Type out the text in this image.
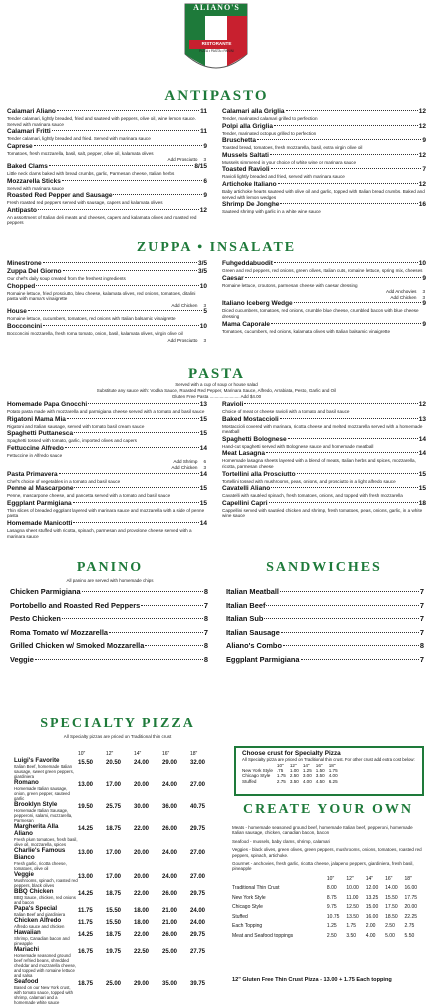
ALIANO'S
RISTORANTE
PIZZA • PASTA • PANINI
ANTIPASTO
Calamari Aliano	11
Tender calamari, lightly breaded, fried and sauteed with peppers, olive oil, wine lemon sauce. Served with marinara sauce
Calamari Fritti	11
Tender calamari, lightly breaded and fried. Served with marinara sauce
Caprese	9
Tomatoes, fresh mozzarella, basil, salt, pepper, olive oil, kalamata olives
Add Prosciutto 3
Baked Clams	8/15
Little neck clams baked with bread crumbs, garlic, Parmesan cheese, Italian herbs
Mozzarella Sticks	6
Served with marinara sauce
Roasted Red Pepper and Sausage	9
Fresh roasted red peppers served with sausage, capers and kalamata olives
Antipasto	12
An assortment of Italian deli meats and cheeses, capers and kalamata olives and roasted red peppers
Calamari alla Griglia	12
Tender, marinated calamari grilled to perfection
Polpi alla Griglia	12
Tender, marinated octopus grilled to perfection
Bruschetta	9
Toasted bread, tomatoes, fresh mozzarella, basil, extra virgin olive oil
Mussels Saltati	12
Mussels simmered in your choice of white wine or marinara sauce
Toasted Ravioli	7
Ravioli lightly breaded and fried, served with marinara sauce
Artichoke Italiano	12
Baby artichoke hearts sauteed with olive oil and garlic, topped with Italian bread crumbs. Baked and served with lemon wedges
Shrimp De Jonghe	16
Sauteed shrimp with garlic in a white wine sauce
ZUPPA • INSALATE
Minestrone	3/5
Zuppa Del Giorno	3/5
Our chef's daily soup created from the freshest ingredients
Chopped	10
Romaine lettuce, fried prosciutto, bleu cheese, kalamata olives, red onions, tomatoes, ditalini pasta with mama's vinaigrette
Add Chicken 3
House	5
Romaine lettuce, cucumbers, tomatoes, red onions with Italian balsamic vinaigrette
Bocconcini	10
Bocconcini mozzarella, fresh roma tomato, onion, basil, kalamata olives, virgin olive oil
Add Prosciutto 3
Fuhgeddabuodit	10
Green and red peppers, red onions, green olives, Italian cuts, romaine lettuce, spring mix, cheeses
Caesar	9
Romaine lettuce, croutons, parmesan cheese with caesar dressing
Add Anchovies 3
Add Chicken 3
Italiano Iceberg Wedge	9
Diced cucumbers, tomatoes, red onions, crumble blue cheese, crumbled bacon with blue cheese dressing
Mama Caporale	9
Tomatoes, cucumbers, red onions, kalamata olives with Italian balsamic vinaigrette
PASTA
Served with a cup of soup or house salad
Substitute any sauce with: Vodka Sauce, Roasted Red Pepper, Marinara Sauce, Alfredo, Arrabiata, Pesto, Garlic and Oil
Gluten Free Pasta ........................ Add $4.00
Homemade Papa Gnocchi	13
Potato pasta made with mozzarella and parmigiana cheese served with a tomato and basil sauce
Rigatoni Mama Mia	15
Rigatoni and Italian sausage, served with tomato basil cream sauce
Spaghetti Puttanesca	15
Spaghetti tossed with tomato, garlic, imported olives and capers
Fettuccine Alfredo	14
Fettuccine in Alfredo sauce
Add Shrimp 6
Add Chicken 3
Pasta Primavera	14
Chef's choice of vegetables in a tomato and basil sauce
Penne al Mascarpone	15
Penne, mascarpone cheese, and pancetta served with a tomato and basil sauce
Eggplant Parmigiana	15
Thin slices of breaded eggplant layered with marinara sauce and mozzarella with a side of penne pasta
Homemade Manicotti	14
Lasagna sheet stuffed with ricotta, spinach, parmesan and provolone cheese served with a marinara sauce
Ravioli	12
Choice of meat or cheese ravioli with a tomato and basil sauce
Baked Mostaccioli	13
Mostaccioli covered with marinara, ricotta cheese and melted mozzarella served with a homemade meatball
Spaghetti Bolognese	14
Hand-cut spaghetti served with Bolognese sauce and homemade meatball
Meat Lasagna	14
Homemade lasagna sheets layered with a blend of meats, Italian herbs and spices, mozzarella, ricotta, parmesan cheese
Tortellini alla Prosciutto	15
Tortellini tossed with mushrooms, peas, onions, and prosciutto in a light alfredo sauce
Cavatelli Aliano	15
Cavatelli with sautéed spinach, fresh tomatoes, onions, and topped with fresh mozzarella
Capellini Capri	18
Cappellini served with sautéed chicken and shrimp, fresh tomatoes, peas, onions, garlic, in a white wine sauce
PANINO
All panino are served with homemade chips
Chicken Parmigiana	8
Portobello and Roasted Red Peppers	7
Pesto Chicken	8
Roma Tomato w/ Mozzarella	7
Grilled Chicken w/ Smoked Mozzarella	8
Veggie	8
SANDWICHES
Italian Meatball	7
Italian Beef	7
Italian Sub	7
Italian Sausage	7
Aliano's Combo	8
Eggplant Parmigiana	7
SPECIALTY PIZZA
All Specialty pizzas are priced on Traditional thin crust
	10"	12"	14"	16"	18"

Luigi's Favorite
Italian Beef, homemade Italian sausage, sweet green peppers, giardiniera	15.50	20.50	24.00	29.00	32.00

Romano
Homemade Italian sausage, onion, green pepper, sauteed garlic	13.00	17.00	20.00	24.00	27.00

Brooklyn Style
Homemade Italian Sausage, pepperoni, salami, mozzarella, Parmesan	19.50	25.75	30.00	36.00	40.75

Margherita Alla Aliano
Fresh plum tomatoes, fresh basil, olive oil, mozzarella, spices	14.25	18.75	22.00	26.00	29.75

Charlie's Famous Bianco
Fresh garlic, ricotta cheese, tomatoes, olive oil	13.00	17.00	20.00	24.00	27.00

Veggie
Mushrooms, spinach, roasted red peppers, black olives	13.00	17.00	20.00	24.00	27.00

BBQ Chicken
BBQ Sauce, chicken, red onions and bacon	14.25	18.75	22.00	26.00	29.75

Papa's Special
Italian Beef and giardiniera	11.75	15.50	18.00	21.00	24.00

Chicken Alfredo
Alfredo sauce and chicken	11.75	15.50	18.00	21.00	24.00

Hawaiian
Shrimp, Canadian bacon and pineapple	14.25	18.75	22.00	26.00	29.75

Mariachi
Homemade seasoned ground beef refried beans, shredded cheddar and mozzarella cheese, and topped with romaine lettuce and salsa	16.75	19.75	22.50	25.00	27.75

Seafood
Based on our New York crust, with tomato sauce, topped with shrimp, calamari and a homemade white sauce	18.75	25.00	29.00	35.00	39.75
Choose crust for Specialty Pizza
All Specialty pizza are priced on Traditional thin crust. For other crust add extra cost below:
	10"	12"	14"	16"	18"
New York Style	.75	1.00	1.25	1.50	1.75
Chicago Style	1.75	2.50	3.00	3.50	4.00
Stuffed	2.75	3.50	4.00	4.50	6.25
CREATE YOUR OWN
Meats - homemade seasoned ground beef, homemade Italian beef, pepperoni, homemade Italian sausage, chicken, canadian bacon, bacon
Seafood - mussels, baby clams, shrimp, calamari
Veggies - black olives, green olives, green peppers, mushrooms, onions, tomatoes, roasted red peppers, spinach, artichoke.
Gourmet - anchovies, fresh garlic, ricotta cheese, jalapeno peppers, giardiniera, fresh basil, pineapple
	10"	12"	14"	16"	18"
Traditional Thin Crust	8.00	10.00	12.00	14.00	16.00
New York Style	8.75	11.00	13.25	15.50	17.75
Chicago Style	9.75	12.50	15.00	17.50	20.00
Stuffed	10.75	13.50	16.00	18.50	22.25
Each Topping	1.25	1.75	2.00	2.50	2.75
Meat and Seafood toppings	2.50	3.50	4.00	5.00	5.50
12" Gluten Free Thin Crust Pizza - 13.00 + 1.75 Each topping
